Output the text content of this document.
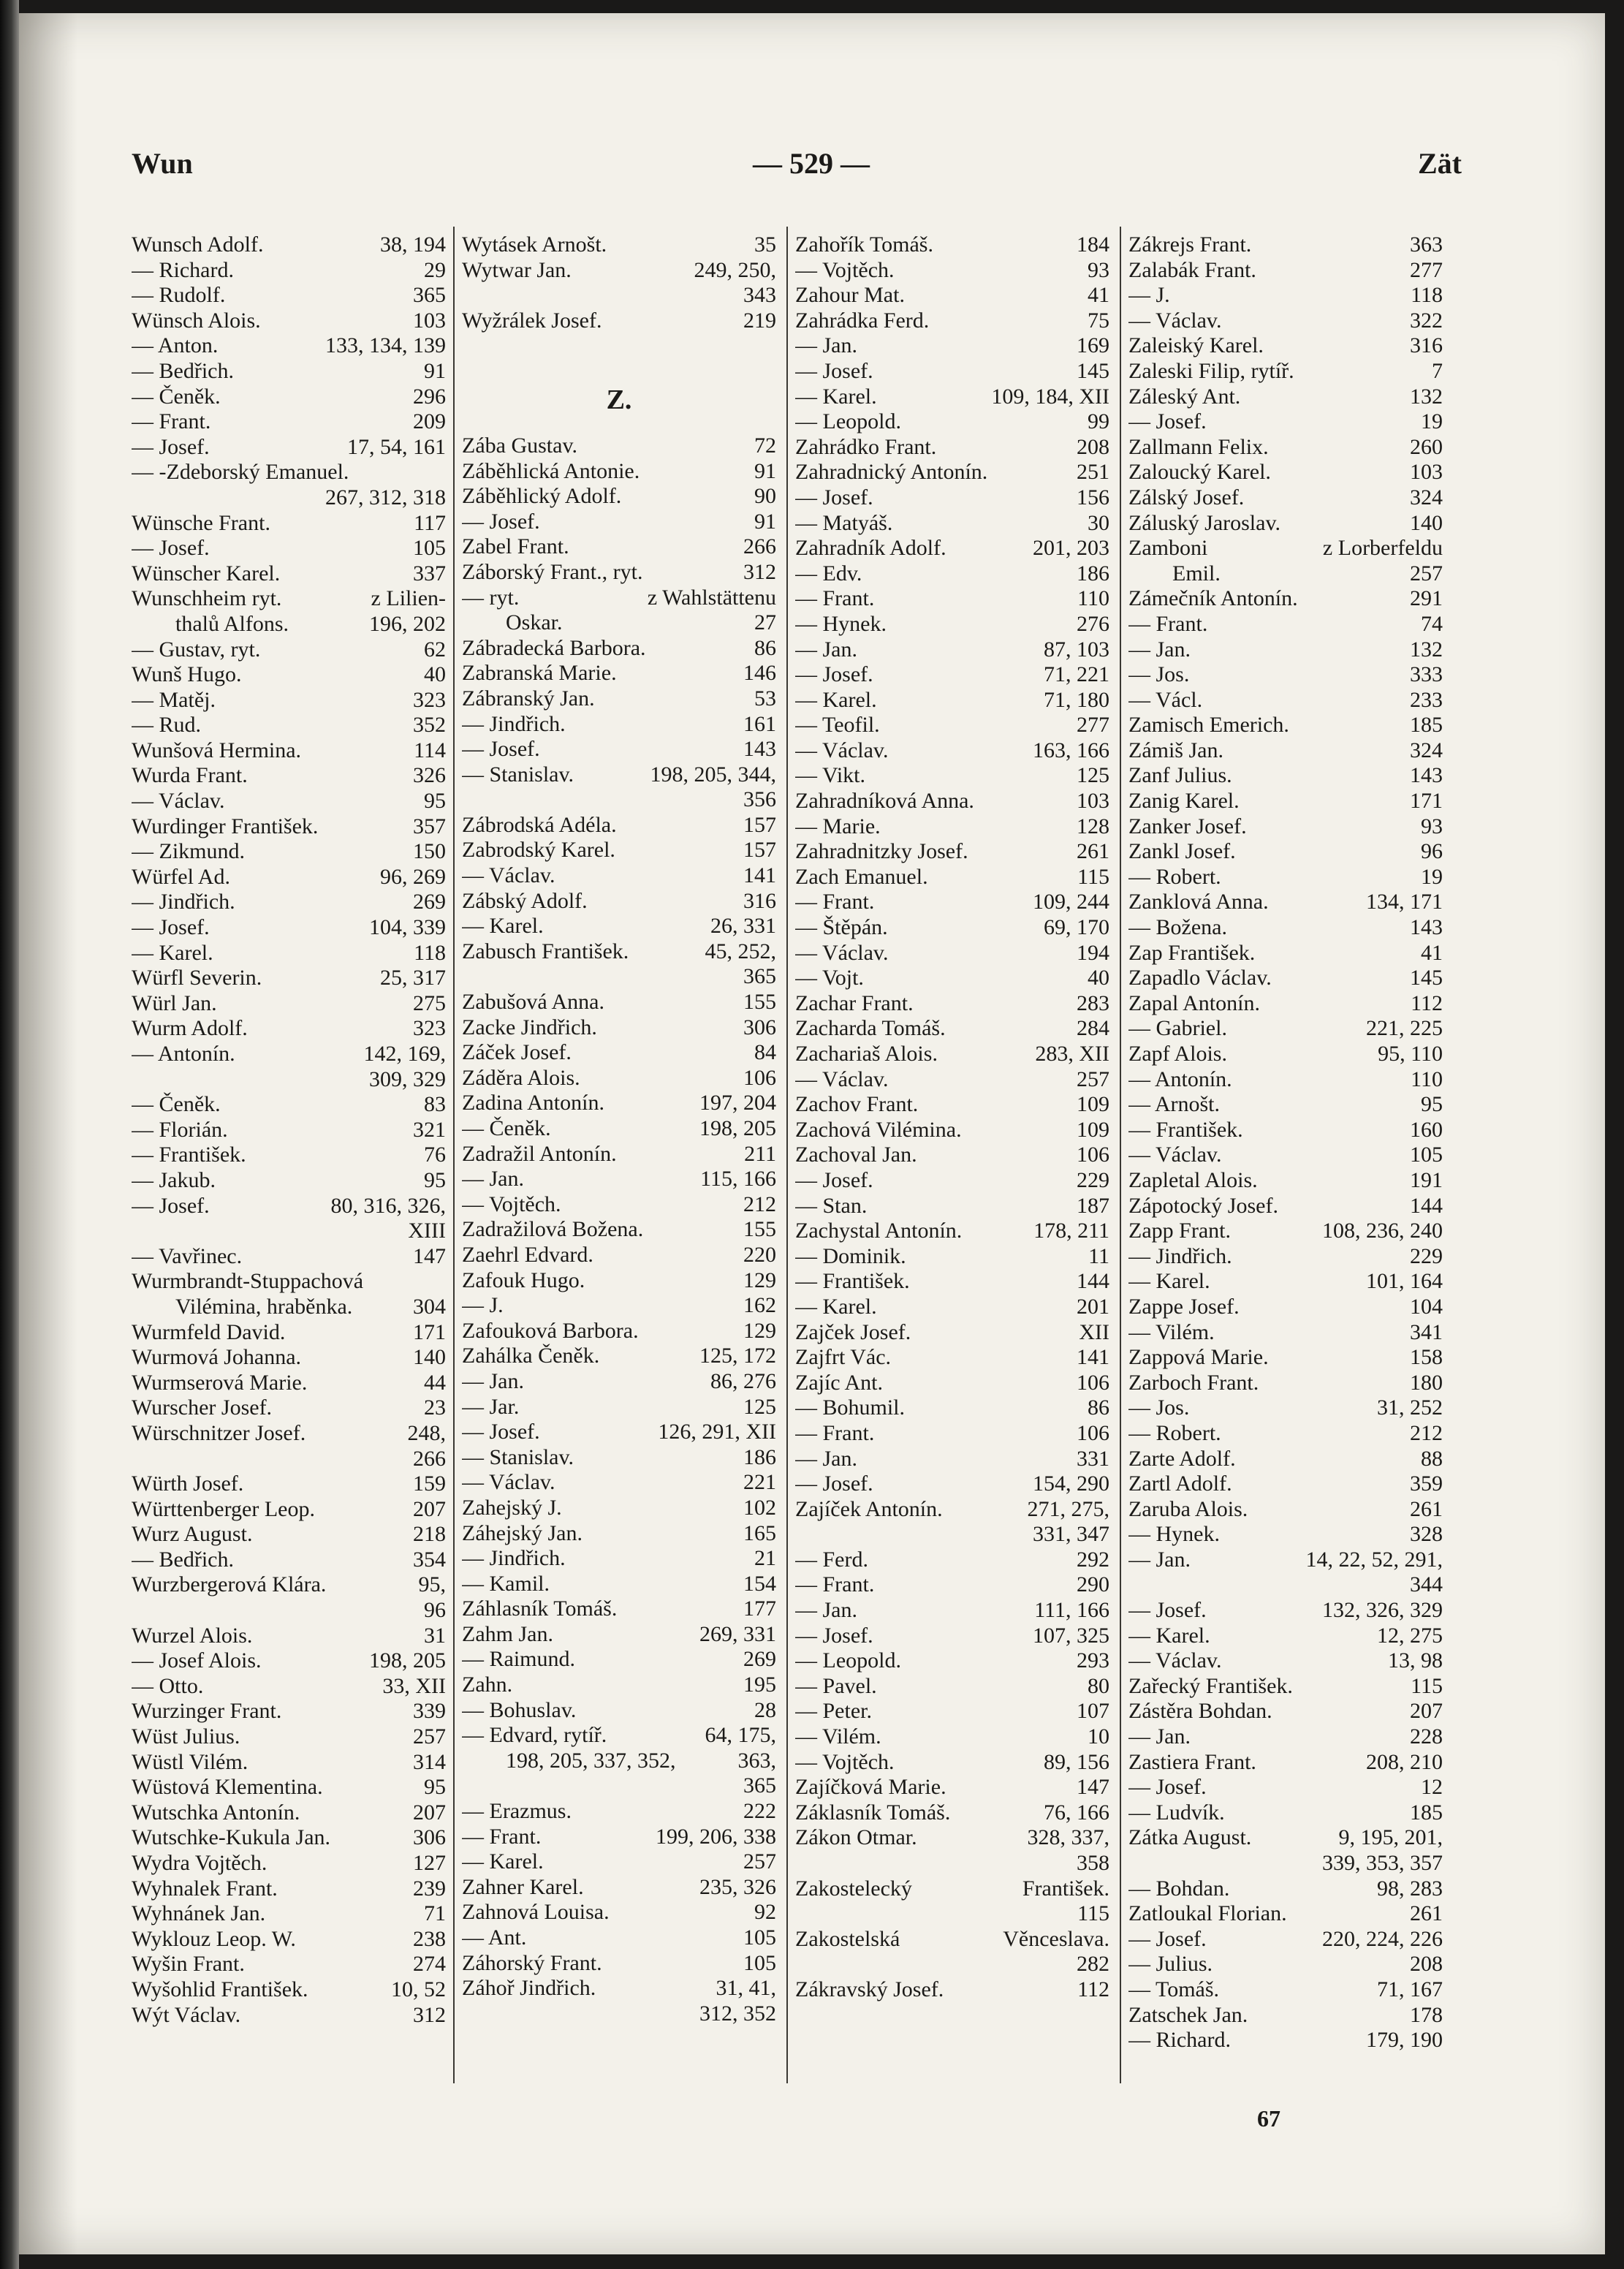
Wun	— 529 —	Zät
Wunsch Adolf.	38, 194
— Richard.	29
— Rudolf.	365
Wünsch Alois.	103
— Anton.	133, 134, 139
— Bedřich.	91
— Čeněk.	296
— Frant.	209
— Josef.	17, 54, 161
— -Zdeborský Emanuel.
267, 312, 318
Wünsche Frant.	117
— Josef.	105
Wünscher Karel.	337
Wunschheim ryt.	z Lilien-
thalů Alfons.	196, 202
— Gustav, ryt.	62
Wunš Hugo.	40
— Matěj.	323
— Rud.	352
Wunšová Hermina.	114
Wurda Frant.	326
— Václav.	95
Wurdinger František.	357
— Zikmund.	150
Würfel Ad.	96, 269
— Jindřich.	269
— Josef.	104, 339
— Karel.	118
Würfl Severin.	25, 317
Würl Jan.	275
Wurm Adolf.	323
— Antonín.	142, 169,
309, 329
— Čeněk.	83
— Florián.	321
— František.	76
— Jakub.	95
— Josef.	80, 316, 326,
XIII
— Vavřinec.	147
Wurmbrandt-Stuppachová
Vilémina, hraběnka.	304
Wurmfeld David.	171
Wurmová Johanna.	140
Wurmserová Marie.	44
Wurscher Josef.	23
Würschnitzer Josef.	248,
266
Würth Josef.	159
Württenberger Leop.	207
Wurz August.	218
— Bedřich.	354
Wurzbergerová Klára.	95,
96
Wurzel Alois.	31
— Josef Alois.	198, 205
— Otto.	33, XII
Wurzinger Frant.	339
Wüst Julius.	257
Wüstl Vilém.	314
Wüstová Klementina.	95
Wutschka Antonín.	207
Wutschke-Kukula Jan.	306
Wydra Vojtěch.	127
Wyhnalek Frant.	239
Wyhnánek Jan.	71
Wyklouz Leop. W.	238
Wyšin Frant.	274
Wyšohlid František.	10, 52
Wýt Václav.	312
Wytásek Arnošt.	35
Wytwar Jan.	249, 250,
343
Wyžrálek Josef.	219
Z.
Zába Gustav.	72
Záběhlická Antonie.	91
Záběhlický Adolf.	90
— Josef.	91
Zabel Frant.	266
Záborský Frant., ryt.	312
— ryt.	z Wahlstättenu
Oskar.	27
Zábradecká Barbora.	86
Zabranská Marie.	146
Zábranský Jan.	53
— Jindřich.	161
— Josef.	143
— Stanislav.	198, 205, 344,
356
Zábrodská Adéla.	157
Zabrodský Karel.	157
— Václav.	141
Zábský Adolf.	316
— Karel.	26, 331
Zabusch František.	45, 252,
365
Zabušová Anna.	155
Zacke Jindřich.	306
Záček Josef.	84
Záděra Alois.	106
Zadina Antonín.	197, 204
— Čeněk.	198, 205
Zadražil Antonín.	211
— Jan.	115, 166
— Vojtěch.	212
Zadražilová Božena.	155
Zaehrl Edvard.	220
Zafouk Hugo.	129
— J.	162
Zafouková Barbora.	129
Zahálka Čeněk.	125, 172
— Jan.	86, 276
— Jar.	125
— Josef.	126, 291, XII
— Stanislav.	186
— Václav.	221
Zahejský J.	102
Záhejský Jan.	165
— Jindřich.	21
— Kamil.	154
Záhlasník Tomáš.	177
Zahm Jan.	269, 331
— Raimund.	269
Zahn.	195
— Bohuslav.	28
— Edvard, rytíř.	64, 175,
198, 205, 337, 352,	363,
365
— Erazmus.	222
— Frant.	199, 206, 338
— Karel.	257
Zahner Karel.	235, 326
Zahnová Louisa.	92
— Ant.	105
Záhorský Frant.	105
Záhoř Jindřich.	31, 41,
312, 352
Zahořík Tomáš.	184
— Vojtěch.	93
Zahour Mat.	41
Zahrádka Ferd.	75
— Jan.	169
— Josef.	145
— Karel.	109, 184, XII
— Leopold.	99
Zahrádko Frant.	208
Zahradnický Antonín.	251
— Josef.	156
— Matyáš.	30
Zahradník Adolf.	201, 203
— Edv.	186
— Frant.	110
— Hynek.	276
— Jan.	87, 103
— Josef.	71, 221
— Karel.	71, 180
— Teofil.	277
— Václav.	163, 166
— Vikt.	125
Zahradníková Anna.	103
— Marie.	128
Zahradnitzky Josef.	261
Zach Emanuel.	115
— Frant.	109, 244
— Štěpán.	69, 170
— Václav.	194
— Vojt.	40
Zachar Frant.	283
Zacharda Tomáš.	284
Zachariaš Alois.	283, XII
— Václav.	257
Zachov Frant.	109
Zachová Vilémina.	109
Zachoval Jan.	106
— Josef.	229
— Stan.	187
Zachystal Antonín.	178, 211
— Dominik.	11
— František.	144
— Karel.	201
Zajček Josef.	XII
Zajfrt Vác.	141
Zajíc Ant.	106
— Bohumil.	86
— Frant.	106
— Jan.	331
— Josef.	154, 290
Zajíček Antonín.	271, 275,
331, 347
— Ferd.	292
— Frant.	290
— Jan.	111, 166
— Josef.	107, 325
— Leopold.	293
— Pavel.	80
— Peter.	107
— Vilém.	10
— Vojtěch.	89, 156
Zajíčková Marie.	147
Záklasník Tomáš.	76, 166
Zákon Otmar.	328, 337,
358
Zakostelecký	František.
115
Zakostelská	Věnceslava.
282
Zákravský Josef.	112
Zákrejs Frant.	363
Zalabák Frant.	277
— J.	118
— Václav.	322
Zaleiský Karel.	316
Zaleski Filip, rytíř.	7
Záleský Ant.	132
— Josef.	19
Zallmann Felix.	260
Zaloucký Karel.	103
Zálský Josef.	324
Záluský Jaroslav.	140
Zamboni	z Lorberfeldu
Emil.	257
Zámečník Antonín.	291
— Frant.	74
— Jan.	132
— Jos.	333
— Václ.	233
Zamisch Emerich.	185
Zámiš Jan.	324
Zanf Julius.	143
Zanig Karel.	171
Zanker Josef.	93
Zankl Josef.	96
— Robert.	19
Zanklová Anna.	134, 171
— Božena.	143
Zap František.	41
Zapadlo Václav.	145
Zapal Antonín.	112
— Gabriel.	221, 225
Zapf Alois.	95, 110
— Antonín.	110
— Arnošt.	95
— František.	160
— Václav.	105
Zapletal Alois.	191
Zápotocký Josef.	144
Zapp Frant.	108, 236, 240
— Jindřich.	229
— Karel.	101, 164
Zappe Josef.	104
— Vilém.	341
Zappová Marie.	158
Zarboch Frant.	180
— Jos.	31, 252
— Robert.	212
Zarte Adolf.	88
Zartl Adolf.	359
Zaruba Alois.	261
— Hynek.	328
— Jan.	14, 22, 52, 291,
344
— Josef.	132, 326, 329
— Karel.	12, 275
— Václav.	13, 98
Zařecký František.	115
Zástěra Bohdan.	207
— Jan.	228
Zastiera Frant.	208, 210
— Josef.	12
— Ludvík.	185
Zátka August.	9, 195, 201,
339, 353, 357
— Bohdan.	98, 283
Zatloukal Florian.	261
— Josef.	220, 224, 226
— Julius.	208
— Tomáš.	71, 167
Zatschek Jan.	178
— Richard.	179, 190
67
